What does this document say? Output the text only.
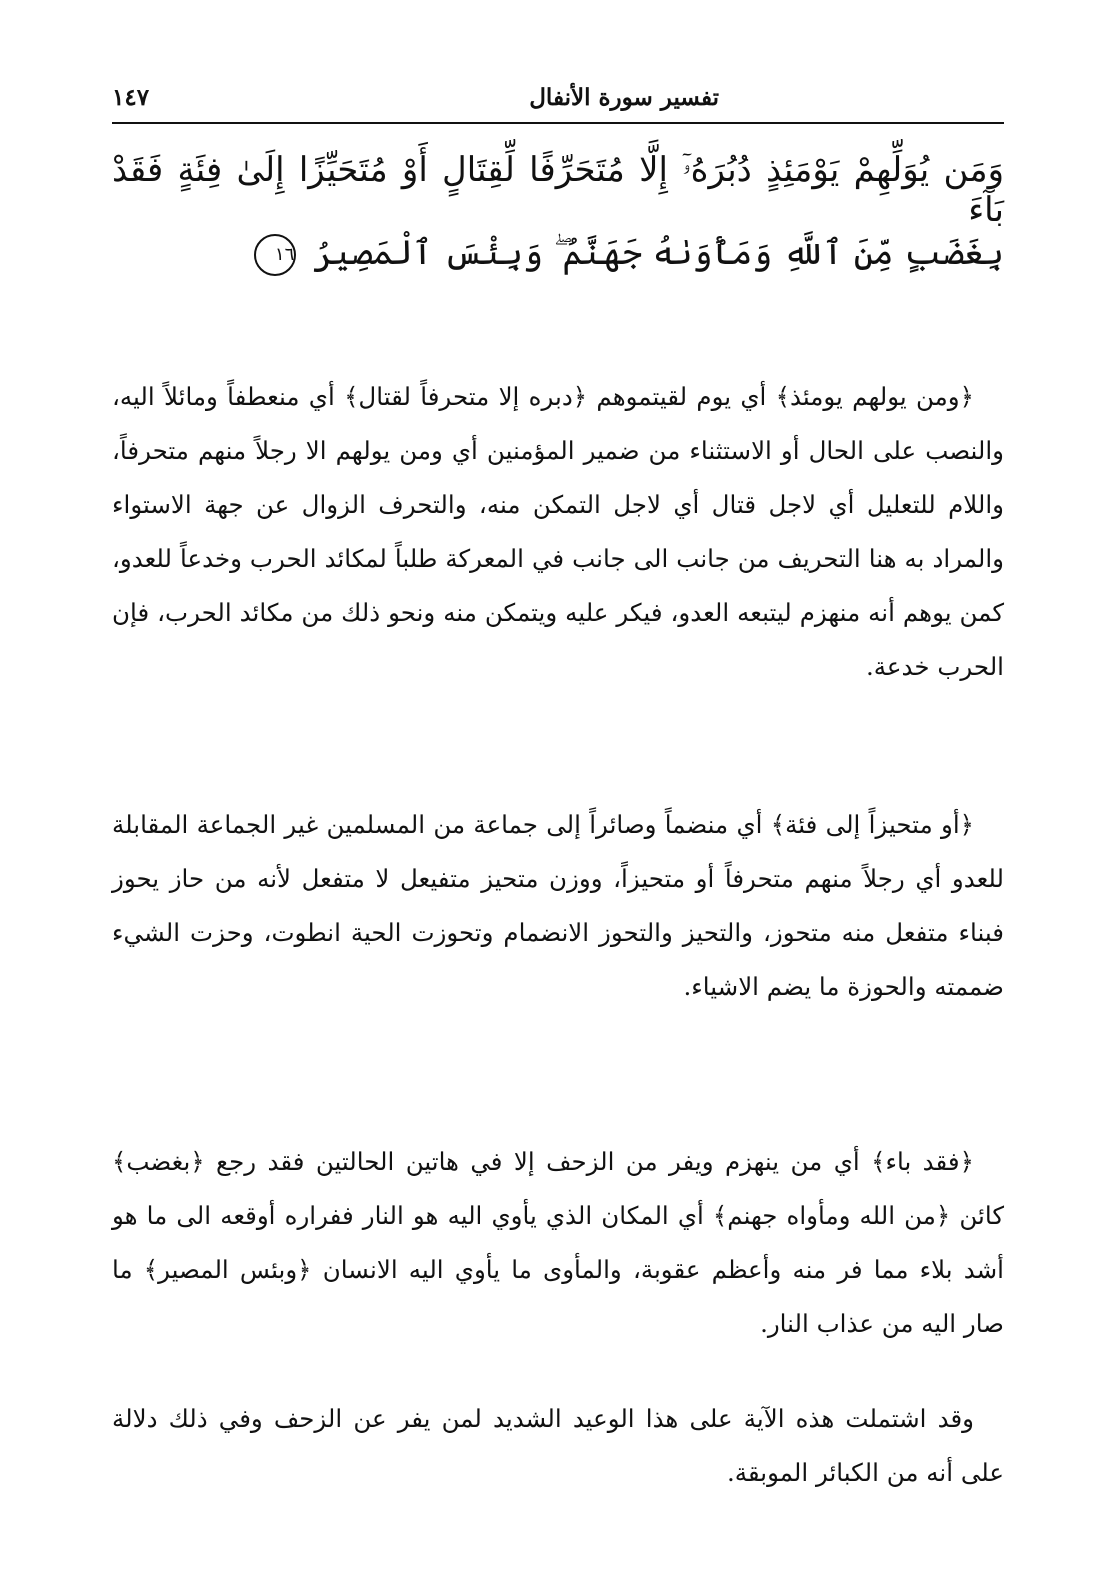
تفسير سورة الأنفال
١٤٧
وَمَن يُوَلِّهِمْ يَوْمَئِذٍ دُبُرَهُۥٓ إِلَّا مُتَحَرِّفًا لِّقِتَالٍ أَوْ مُتَحَيِّزًا إِلَىٰ فِئَةٍ فَقَدْ بَآءَ
بِغَضَبٍ مِّنَ ٱللَّهِ وَمَأْوَىٰهُ جَهَنَّمُ ۖ وَبِئْسَ ٱلْمَصِيرُ ١٦

﴿ومن يولهم يومئذ﴾ أي يوم لقيتموهم ﴿دبره إلا متحرفاً لقتال﴾ أي منعطفاً ومائلاً اليه، والنصب على الحال أو الاستثناء من ضمير المؤمنين أي ومن يولهم الا رجلاً منهم متحرفاً، واللام للتعليل أي لاجل قتال أي لاجل التمكن منه، والتحرف الزوال عن جهة الاستواء والمراد به هنا التحريف من جانب الى جانب في المعركة طلباً لمكائد الحرب وخدعاً للعدو، كمن يوهم أنه منهزم ليتبعه العدو، فيكر عليه ويتمكن منه ونحو ذلك من مكائد الحرب، فإن الحرب خدعة.

﴿أو متحيزاً إلى فئة﴾ أي منضماً وصائراً إلى جماعة من المسلمين غير الجماعة المقابلة للعدو أي رجلاً منهم متحرفاً أو متحيزاً، ووزن متحيز متفيعل لا متفعل لأنه من حاز يحوز فبناء متفعل منه متحوز، والتحيز والتحوز الانضمام وتحوزت الحية انطوت، وحزت الشيء ضممته والحوزة ما يضم الاشياء.

﴿فقد باء﴾ أي من ينهزم ويفر من الزحف إلا في هاتين الحالتين فقد رجع ﴿بغضب﴾ كائن ﴿من الله ومأواه جهنم﴾ أي المكان الذي يأوي اليه هو النار ففراره أوقعه الى ما هو أشد بلاء مما فر منه وأعظم عقوبة، والمأوى ما يأوي اليه الانسان ﴿وبئس المصير﴾ ما صار اليه من عذاب النار.

وقد اشتملت هذه الآية على هذا الوعيد الشديد لمن يفر عن الزحف وفي ذلك دلالة على أنه من الكبائر الموبقة.
